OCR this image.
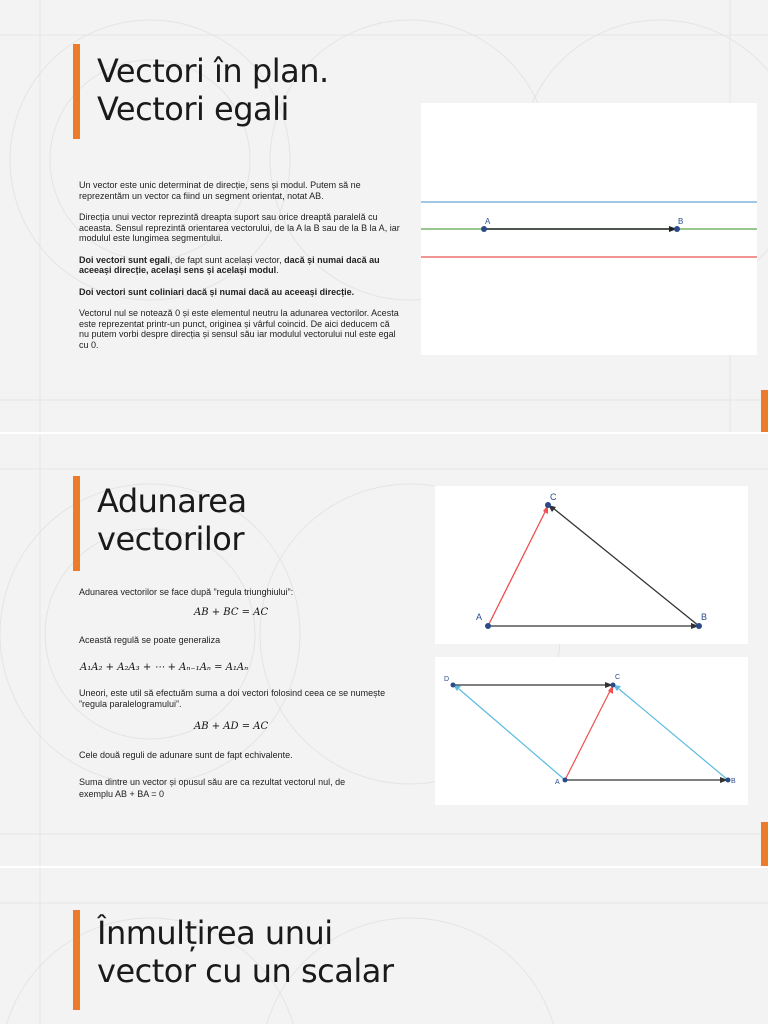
Vectori în plan.
Vectori egali

Un vector este unic determinat de direcție, sens și modul. Putem să ne reprezentăm un vector ca fiind un segment orientat, notat AB.

Direcția unui vector reprezintă dreapta suport sau orice dreaptă paralelă cu aceasta. Sensul reprezintă orientarea vectorului, de la A la B sau de la B la A, iar modulul este lungimea segmentului.

Doi vectori sunt egali, de fapt sunt același vector, dacă și numai dacă au aceeași direcție, același sens și același modul.

Doi vectori sunt coliniari dacă și numai dacă au aceeași direcție.

Vectorul nul se notează 0 și este elementul neutru la adunarea vectorilor. Acesta este reprezentat printr-un punct, originea și vârful coincid. De aici deducem că nu putem vorbi despre direcția și sensul său iar modulul vectorului nul este egal cu 0.

A	B
Adunarea
vectorilor
Adunarea vectorilor se face după ”regula triunghiului”:
AB + BC = AC
Această regulă se poate generaliza
A₁A₂ + A₂A₃ + ⋯ + Aₙ₋₁Aₙ = A₁Aₙ
Uneori, este util să efectuăm suma a doi vectori folosind ceea ce se numește ”regula paralelogramului”.
AB + AD = AC
Cele două reguli de adunare sunt de fapt echivalente.
Suma dintre un vector și opusul său are ca rezultat vectorul nul, de
exemplu AB + BA = 0
A	B
C
A	B
C
D
Înmulțirea unui
vector cu un scalar
